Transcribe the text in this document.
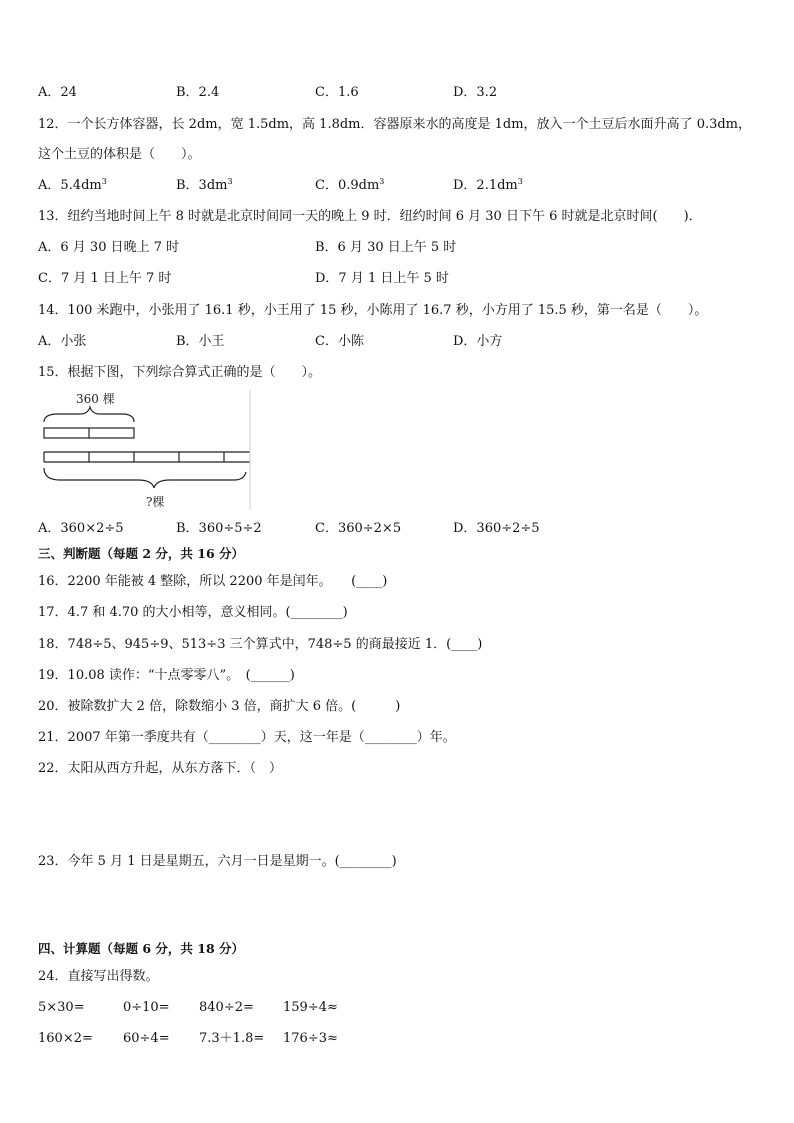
A．24	B．2.4	C．1.6	D．3.2
12．一个长方体容器，长 2dm，宽 1.5dm，高 1.8dm．容器原来水的高度是 1dm，放入一个土豆后水面升高了 0.3dm，
这个土豆的体积是（　　）。
A．$5.4dm^3$	B．$3dm^3$	C．$0.9dm^3$	D．$2.1dm^3$
13．纽约当地时间上午 8 时就是北京时间同一天的晚上 9 时．纽约时间 6 月 30 日下午 6 时就是北京时间(　　)．
A．6 月 30 日晚上 7 时	B．6 月 30 日上午 5 时
C．7 月 1 日上午 7 时	D．7 月 1 日上午 5 时
14．100 米跑中，小张用了 16.1 秒，小王用了 15 秒，小陈用了 16.7 秒，小方用了 15.5 秒，第一名是（　　）。
A．小张	B．小王	C．小陈	D．小方
15．根据下图，下列综合算式正确的是（　　）。
360 棵
?棵
A．360×2÷5	B．360÷5÷2	C．360÷2×5	D．360÷2÷5
三、判断题（每题 2 分，共 16 分）
16．2200 年能被 4 整除，所以 2200 年是闰年。　　(____)
17．4.7 和 4.70 的大小相等，意义相同。(________)
18．748÷5、945÷9、513÷3 三个算式中，748÷5 的商最接近 1．(____)
19．10.08 读作：“十点零零八”。　(______)
20．被除数扩大 2 倍，除数缩小 3 倍，商扩大 6 倍。(　　　)
21．2007 年第一季度共有（________）天，这一年是（________）年。
22．太阳从西方升起，从东方落下．（　）
23．今年 5 月 1 日是星期五，六月一日是星期一。(________)
四、计算题（每题 6 分，共 18 分）
24．直接写出得数。
5×30=	0÷10= 840÷2= 159÷4≈
160×2= 60÷4= 7.3＋1.8= 176÷3≈
